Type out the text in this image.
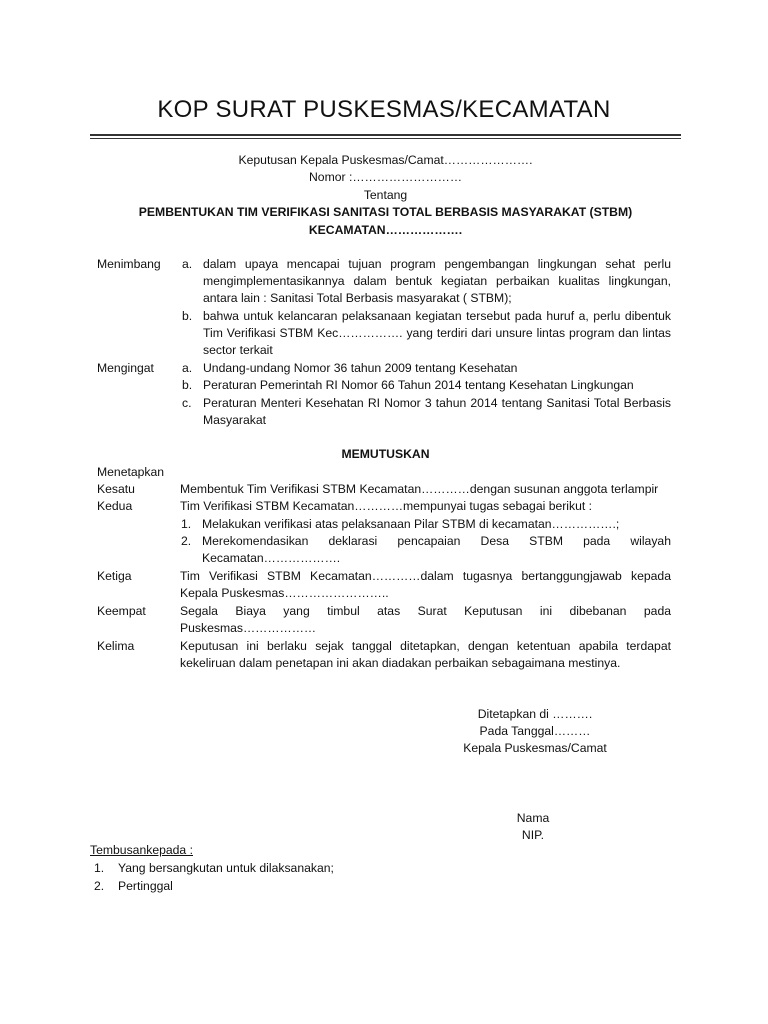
KOP SURAT PUSKESMAS/KECAMATAN
Keputusan Kepala Puskesmas/Camat………………….
Nomor :………………………
Tentang
PEMBENTUKAN TIM VERIFIKASI SANITASI TOTAL BERBASIS MASYARAKAT (STBM)
KECAMATAN……………….
Menimbang a. dalam upaya mencapai tujuan program pengembangan lingkungan sehat perlu mengimplementasikannya dalam bentuk kegiatan perbaikan kualitas lingkungan, antara lain : Sanitasi Total Berbasis masyarakat ( STBM);
b. bahwa untuk kelancaran pelaksanaan kegiatan tersebut pada huruf a, perlu dibentuk Tim Verifikasi STBM Kec……………. yang terdiri dari unsure lintas program dan lintas sector terkait
Mengingat a. Undang-undang Nomor 36 tahun 2009 tentang Kesehatan
b. Peraturan Pemerintah RI Nomor 66 Tahun 2014 tentang Kesehatan Lingkungan
c. Peraturan Menteri Kesehatan RI Nomor 3 tahun 2014 tentang Sanitasi Total Berbasis Masyarakat
MEMUTUSKAN
Menetapkan
Kesatu	Membentuk Tim Verifikasi STBM Kecamatan…………dengan susunan anggota terlampir
Kedua	Tim Verifikasi STBM Kecamatan…………mempunyai tugas sebagai berikut :
1. Melakukan verifikasi atas pelaksanaan Pilar STBM di kecamatan…………….;
2. Merekomendasikan deklarasi pencapaian Desa STBM pada wilayah Kecamatan……………….
Ketiga	Tim Verifikasi STBM Kecamatan…………dalam tugasnya bertanggungjawab kepada Kepala Puskesmas……………………..
Keempat	Segala Biaya yang timbul atas Surat Keputusan ini dibebanan pada Puskesmas………………
Kelima	Keputusan ini berlaku sejak tanggal ditetapkan, dengan ketentuan apabila terdapat kekeliruan dalam penetapan ini akan diadakan perbaikan sebagaimana mestinya.
Ditetapkan di ……….
Pada Tanggal………
Kepala Puskesmas/Camat
Nama
NIP.
Tembusankepada :
1. Yang bersangkutan untuk dilaksanakan;
2. Pertinggal
